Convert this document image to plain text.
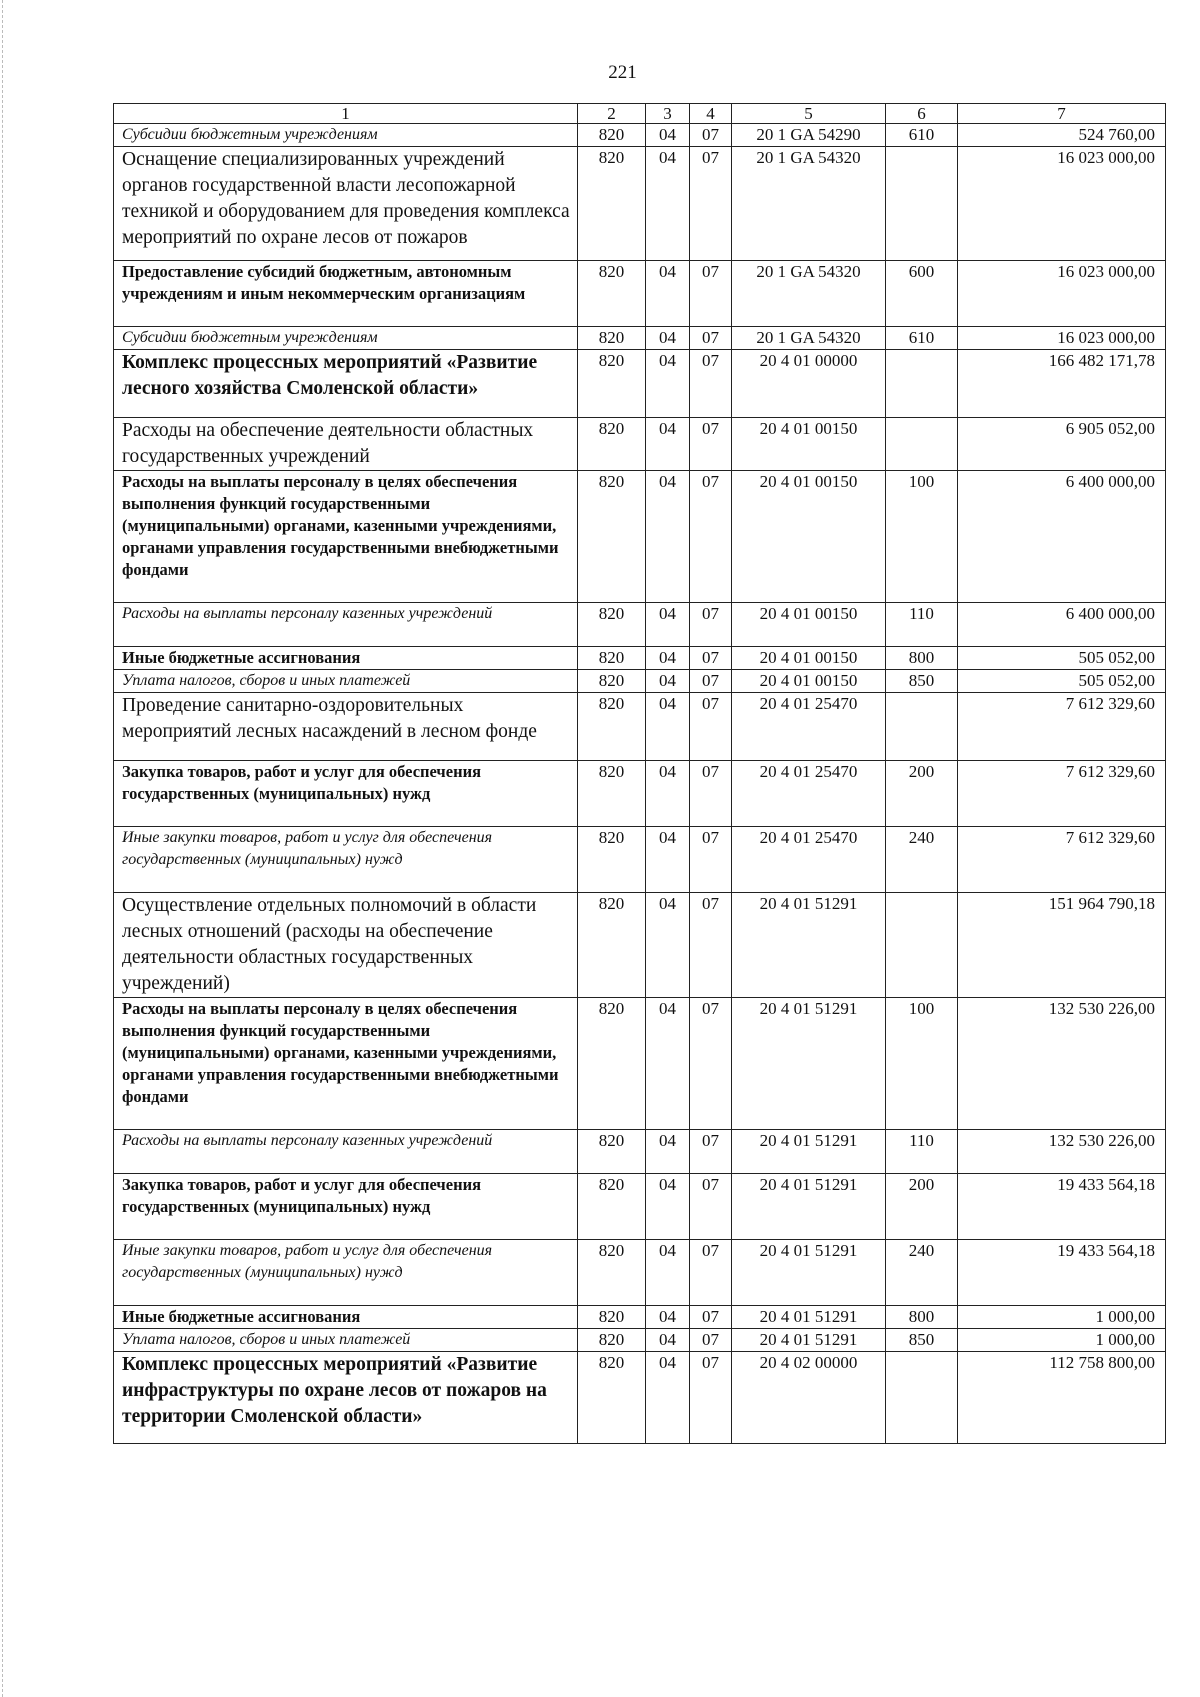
221
1	2	3	4	5	6	7
Субсидии бюджетным учреждениям	820	04	07	20 1 GA 54290	610	524 760,00
Оснащение специализированных учреждений органов государственной власти лесопожарной техникой и оборудованием для проведения комплекса мероприятий по охране лесов от пожаров	820	04	07	20 1 GA 54320		16 023 000,00
Предоставление субсидий бюджетным, автономным учреждениям и иным некоммерческим организациям	820	04	07	20 1 GA 54320	600	16 023 000,00
Субсидии бюджетным учреждениям	820	04	07	20 1 GA 54320	610	16 023 000,00
Комплекс процессных мероприятий «Развитие лесного хозяйства Смоленской области»	820	04	07	20 4 01 00000		166 482 171,78
Расходы на обеспечение деятельности областных государственных учреждений	820	04	07	20 4 01 00150		6 905 052,00
Расходы на выплаты персоналу в целях обеспечения выполнения функций государственными (муниципальными) органами, казенными учреждениями, органами управления государственными внебюджетными фондами	820	04	07	20 4 01 00150	100	6 400 000,00
Расходы на выплаты персоналу казенных учреждений	820	04	07	20 4 01 00150	110	6 400 000,00
Иные бюджетные ассигнования	820	04	07	20 4 01 00150	800	505 052,00
Уплата налогов, сборов и иных платежей	820	04	07	20 4 01 00150	850	505 052,00
Проведение санитарно-оздоровительных мероприятий лесных насаждений в лесном фонде	820	04	07	20 4 01 25470		7 612 329,60
Закупка товаров, работ и услуг для обеспечения государственных (муниципальных) нужд	820	04	07	20 4 01 25470	200	7 612 329,60
Иные закупки товаров, работ и услуг для обеспечения государственных (муниципальных) нужд	820	04	07	20 4 01 25470	240	7 612 329,60
Осуществление отдельных полномочий в области лесных отношений (расходы на обеспечение деятельности областных государственных учреждений)	820	04	07	20 4 01 51291		151 964 790,18
Расходы на выплаты персоналу в целях обеспечения выполнения функций государственными (муниципальными) органами, казенными учреждениями, органами управления государственными внебюджетными фондами	820	04	07	20 4 01 51291	100	132 530 226,00
Расходы на выплаты персоналу казенных учреждений	820	04	07	20 4 01 51291	110	132 530 226,00
Закупка товаров, работ и услуг для обеспечения государственных (муниципальных) нужд	820	04	07	20 4 01 51291	200	19 433 564,18
Иные закупки товаров, работ и услуг для обеспечения государственных (муниципальных) нужд	820	04	07	20 4 01 51291	240	19 433 564,18
Иные бюджетные ассигнования	820	04	07	20 4 01 51291	800	1 000,00
Уплата налогов, сборов и иных платежей	820	04	07	20 4 01 51291	850	1 000,00
Комплекс процессных мероприятий «Развитие инфраструктуры по охране лесов от пожаров на территории Смоленской области»	820	04	07	20 4 02 00000		112 758 800,00
